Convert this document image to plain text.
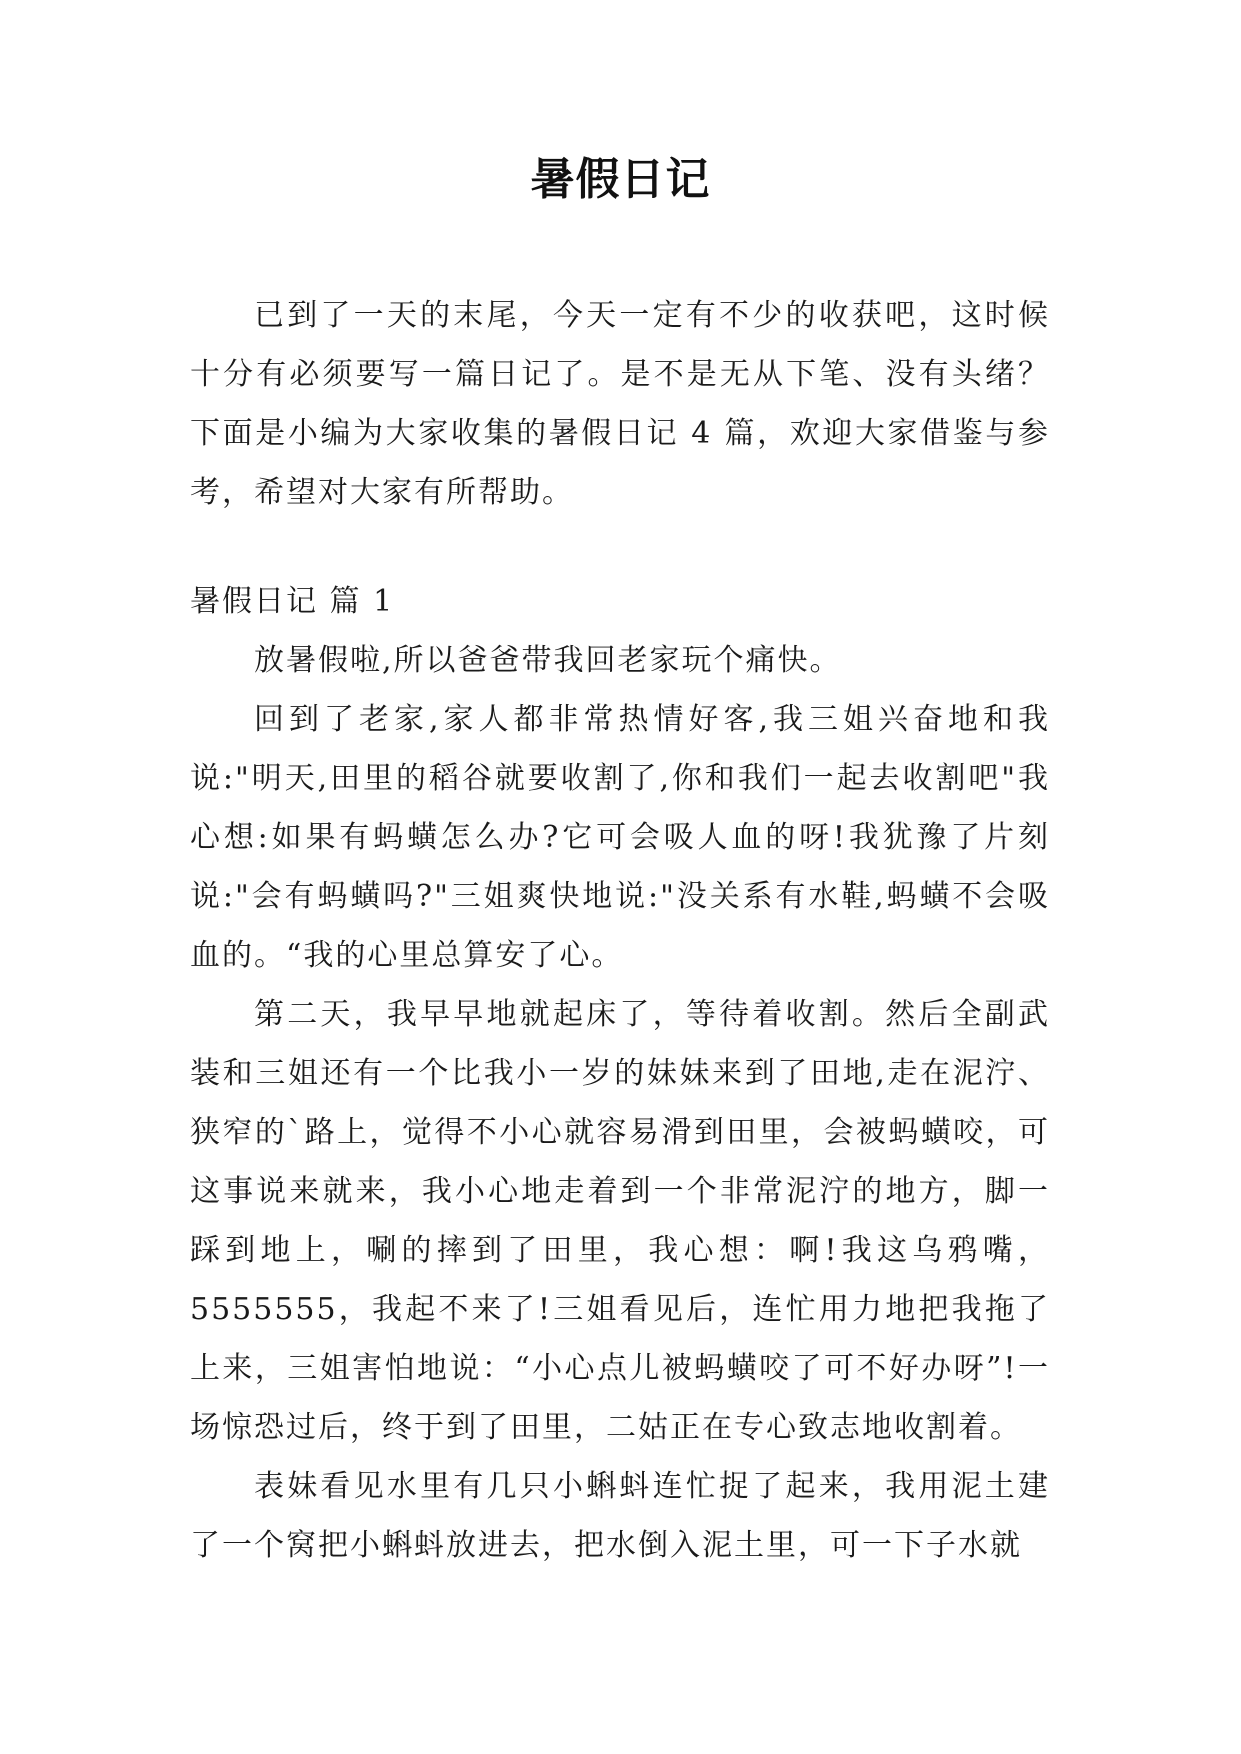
暑假日记

已到了一天的末尾，今天一定有不少的收获吧，这时候十分有必须要写一篇日记了。是不是无从下笔、没有头绪？下面是小编为大家收集的暑假日记 4 篇，欢迎大家借鉴与参考，希望对大家有所帮助。

暑假日记 篇 1

放暑假啦,所以爸爸带我回老家玩个痛快。

回到了老家,家人都非常热情好客,我三姐兴奋地和我说:"明天,田里的稻谷就要收割了,你和我们一起去收割吧"我心想:如果有蚂蟥怎么办?它可会吸人血的呀!我犹豫了片刻说:"会有蚂蟥吗?"三姐爽快地说:"没关系有水鞋,蚂蟥不会吸血的。“我的心里总算安了心。

第二天，我早早地就起床了，等待着收割。然后全副武装和三姐还有一个比我小一岁的妹妹来到了田地,走在泥泞、狭窄的`路上，觉得不小心就容易滑到田里，会被蚂蟥咬，可这事说来就来，我小心地走着到一个非常泥泞的地方，脚一踩到地上，唰的摔到了田里，我心想：啊!我这乌鸦嘴，5555555，我起不来了!三姐看见后，连忙用力地把我拖了上来，三姐害怕地说：“小心点儿被蚂蟥咬了可不好办呀”!一场惊恐过后，终于到了田里，二姑正在专心致志地收割着。

表妹看见水里有几只小蝌蚪连忙捉了起来，我用泥土建了一个窝把小蝌蚪放进去，把水倒入泥土里，可一下子水就
